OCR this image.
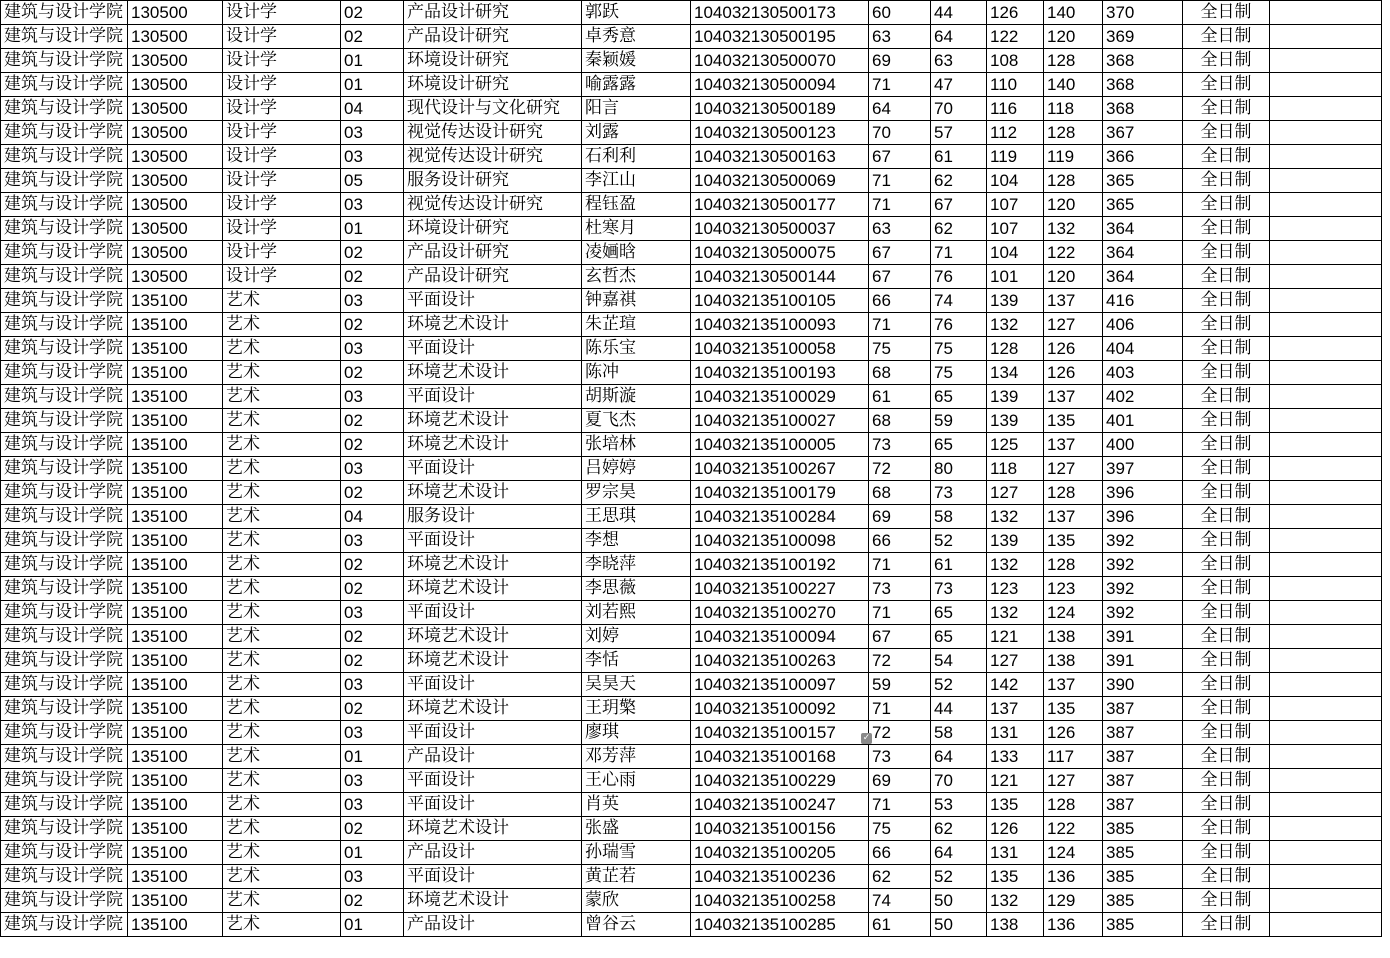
建筑与设计学院	130500	设计学	02	产品设计研究	郭跃	104032130500173	60	44	126	140	370	全日制	
建筑与设计学院	130500	设计学	02	产品设计研究	卓秀意	104032130500195	63	64	122	120	369	全日制	
建筑与设计学院	130500	设计学	01	环境设计研究	秦颖媛	104032130500070	69	63	108	128	368	全日制	
建筑与设计学院	130500	设计学	01	环境设计研究	喻露露	104032130500094	71	47	110	140	368	全日制	
建筑与设计学院	130500	设计学	04	现代设计与文化研究	阳言	104032130500189	64	70	116	118	368	全日制	
建筑与设计学院	130500	设计学	03	视觉传达设计研究	刘露	104032130500123	70	57	112	128	367	全日制	
建筑与设计学院	130500	设计学	03	视觉传达设计研究	石利利	104032130500163	67	61	119	119	366	全日制	
建筑与设计学院	130500	设计学	05	服务设计研究	李江山	104032130500069	71	62	104	128	365	全日制	
建筑与设计学院	130500	设计学	03	视觉传达设计研究	程钰盈	104032130500177	71	67	107	120	365	全日制	
建筑与设计学院	130500	设计学	01	环境设计研究	杜寒月	104032130500037	63	62	107	132	364	全日制	
建筑与设计学院	130500	设计学	02	产品设计研究	凌婳晗	104032130500075	67	71	104	122	364	全日制	
建筑与设计学院	130500	设计学	02	产品设计研究	玄哲杰	104032130500144	67	76	101	120	364	全日制	
建筑与设计学院	135100	艺术	03	平面设计	钟嘉祺	104032135100105	66	74	139	137	416	全日制	
建筑与设计学院	135100	艺术	02	环境艺术设计	朱芷瑄	104032135100093	71	76	132	127	406	全日制	
建筑与设计学院	135100	艺术	03	平面设计	陈乐宝	104032135100058	75	75	128	126	404	全日制	
建筑与设计学院	135100	艺术	02	环境艺术设计	陈冲	104032135100193	68	75	134	126	403	全日制	
建筑与设计学院	135100	艺术	03	平面设计	胡斯漩	104032135100029	61	65	139	137	402	全日制	
建筑与设计学院	135100	艺术	02	环境艺术设计	夏飞杰	104032135100027	68	59	139	135	401	全日制	
建筑与设计学院	135100	艺术	02	环境艺术设计	张培林	104032135100005	73	65	125	137	400	全日制	
建筑与设计学院	135100	艺术	03	平面设计	吕婷婷	104032135100267	72	80	118	127	397	全日制	
建筑与设计学院	135100	艺术	02	环境艺术设计	罗宗昊	104032135100179	68	73	127	128	396	全日制	
建筑与设计学院	135100	艺术	04	服务设计	王思琪	104032135100284	69	58	132	137	396	全日制	
建筑与设计学院	135100	艺术	03	平面设计	李想	104032135100098	66	52	139	135	392	全日制	
建筑与设计学院	135100	艺术	02	环境艺术设计	李晓萍	104032135100192	71	61	132	128	392	全日制	
建筑与设计学院	135100	艺术	02	环境艺术设计	李思薇	104032135100227	73	73	123	123	392	全日制	
建筑与设计学院	135100	艺术	03	平面设计	刘若熙	104032135100270	71	65	132	124	392	全日制	
建筑与设计学院	135100	艺术	02	环境艺术设计	刘婷	104032135100094	67	65	121	138	391	全日制	
建筑与设计学院	135100	艺术	02	环境艺术设计	李恬	104032135100263	72	54	127	138	391	全日制	
建筑与设计学院	135100	艺术	03	平面设计	吴昊天	104032135100097	59	52	142	137	390	全日制	
建筑与设计学院	135100	艺术	02	环境艺术设计	王玥檠	104032135100092	71	44	137	135	387	全日制	
建筑与设计学院	135100	艺术	03	平面设计	廖琪	104032135100157	72	58	131	126	387	全日制	
建筑与设计学院	135100	艺术	01	产品设计	邓芳萍	104032135100168	73	64	133	117	387	全日制	
建筑与设计学院	135100	艺术	03	平面设计	王心雨	104032135100229	69	70	121	127	387	全日制	
建筑与设计学院	135100	艺术	03	平面设计	肖英	104032135100247	71	53	135	128	387	全日制	
建筑与设计学院	135100	艺术	02	环境艺术设计	张盛	104032135100156	75	62	126	122	385	全日制	
建筑与设计学院	135100	艺术	01	产品设计	孙瑞雪	104032135100205	66	64	131	124	385	全日制	
建筑与设计学院	135100	艺术	03	平面设计	黄芷若	104032135100236	62	52	135	136	385	全日制	
建筑与设计学院	135100	艺术	02	环境艺术设计	蒙欣	104032135100258	74	50	132	129	385	全日制	
建筑与设计学院	135100	艺术	01	产品设计	曾谷云	104032135100285	61	50	138	136	385	全日制	
✓
